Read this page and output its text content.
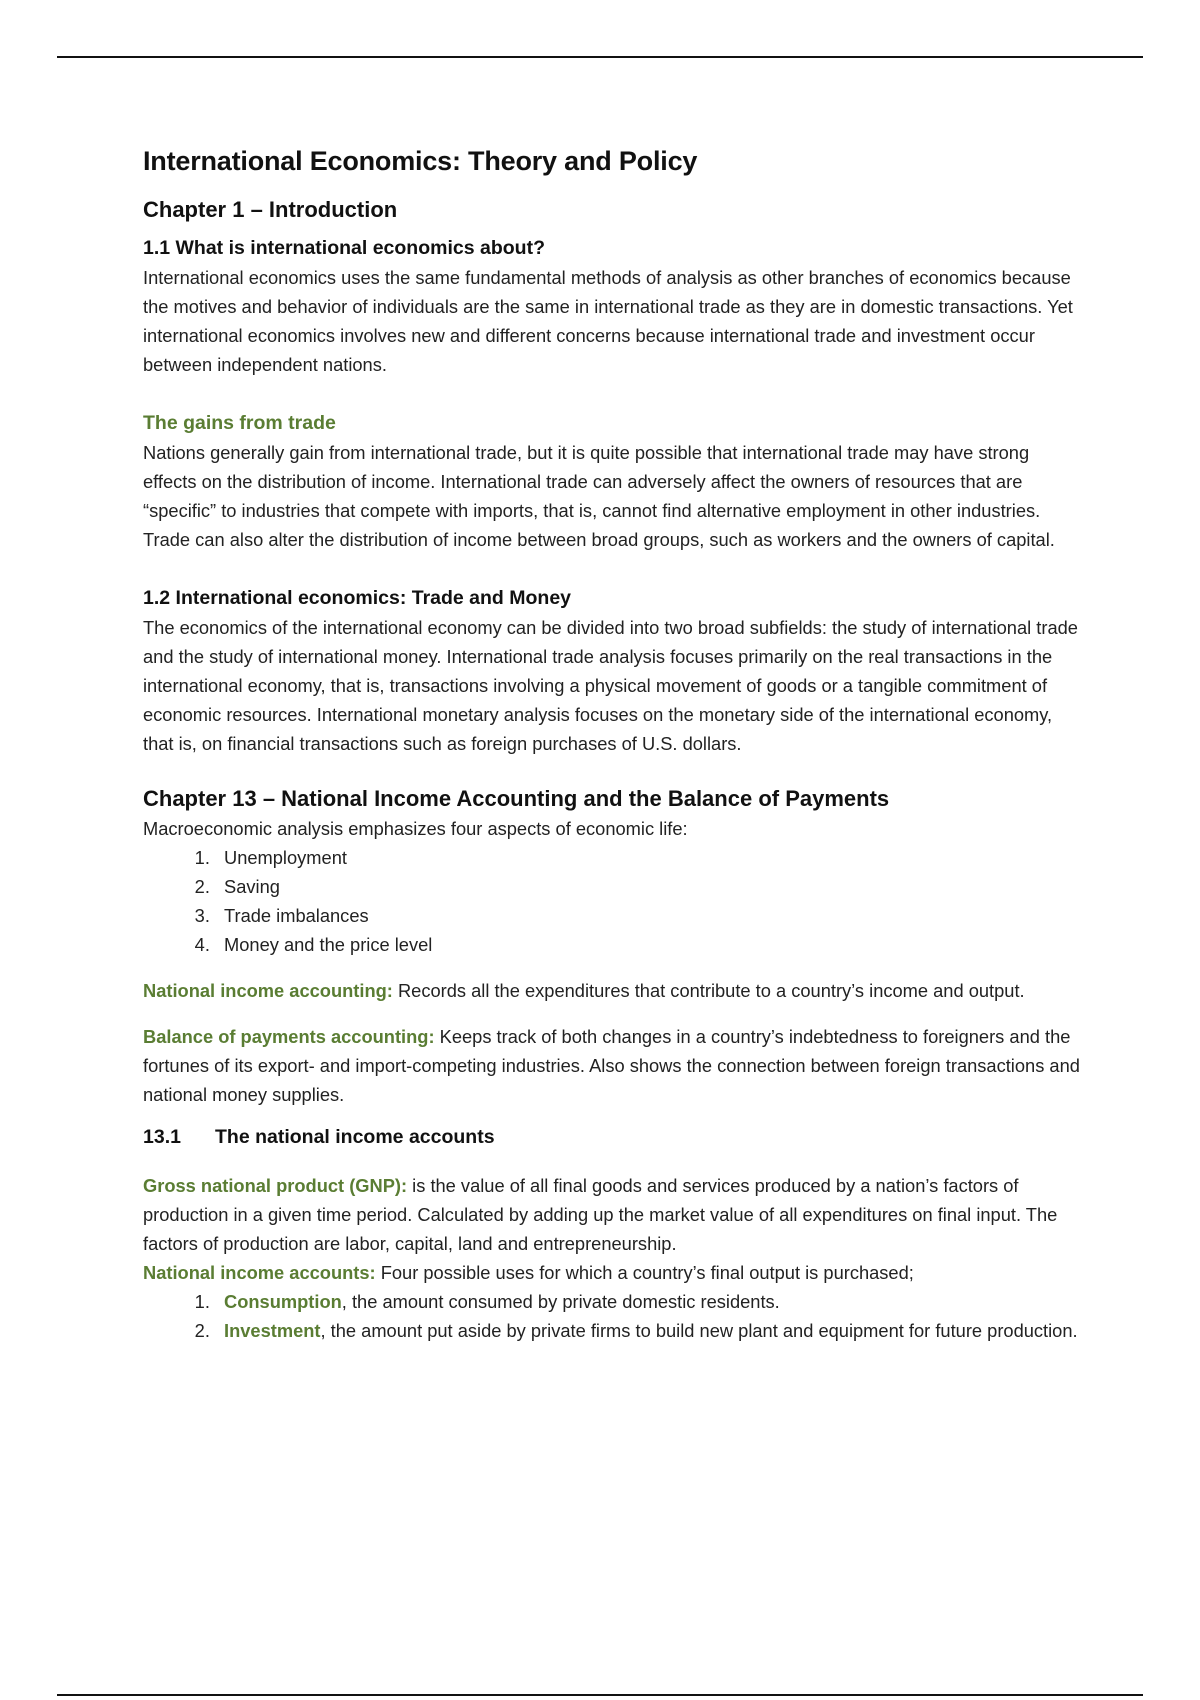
International Economics: Theory and Policy
Chapter 1 – Introduction
1.1 What is international economics about?

International economics uses the same fundamental methods of analysis as other branches of economics because the motives and behavior of individuals are the same in international trade as they are in domestic transactions. Yet international economics involves new and different concerns because international trade and investment occur between independent nations.

The gains from trade

Nations generally gain from international trade, but it is quite possible that international trade may have strong effects on the distribution of income. International trade can adversely affect the owners of resources that are “specific” to industries that compete with imports, that is, cannot find alternative employment in other industries. Trade can also alter the distribution of income between broad groups, such as workers and the owners of capital.

1.2 International economics: Trade and Money

The economics of the international economy can be divided into two broad subfields: the study of international trade and the study of international money. International trade analysis focuses primarily on the real transactions in the international economy, that is, transactions involving a physical movement of goods or a tangible commitment of economic resources. International monetary analysis focuses on the monetary side of the international economy, that is, on financial transactions such as foreign purchases of U.S. dollars.

Chapter 13 – National Income Accounting and the Balance of Payments

Macroeconomic analysis emphasizes four aspects of economic life:

1. Unemployment
2. Saving
3. Trade imbalances
4. Money and the price level

National income accounting: Records all the expenditures that contribute to a country’s income and output.

Balance of payments accounting: Keeps track of both changes in a country’s indebtedness to foreigners and the fortunes of its export- and import-competing industries. Also shows the connection between foreign transactions and national money supplies.

13.1 The national income accounts

Gross national product (GNP): is the value of all final goods and services produced by a nation’s factors of production in a given time period. Calculated by adding up the market value of all expenditures on final input. The factors of production are labor, capital, land and entrepreneurship.

National income accounts: Four possible uses for which a country’s final output is purchased;

1. Consumption, the amount consumed by private domestic residents.
2. Investment, the amount put aside by private firms to build new plant and equipment for future production.
